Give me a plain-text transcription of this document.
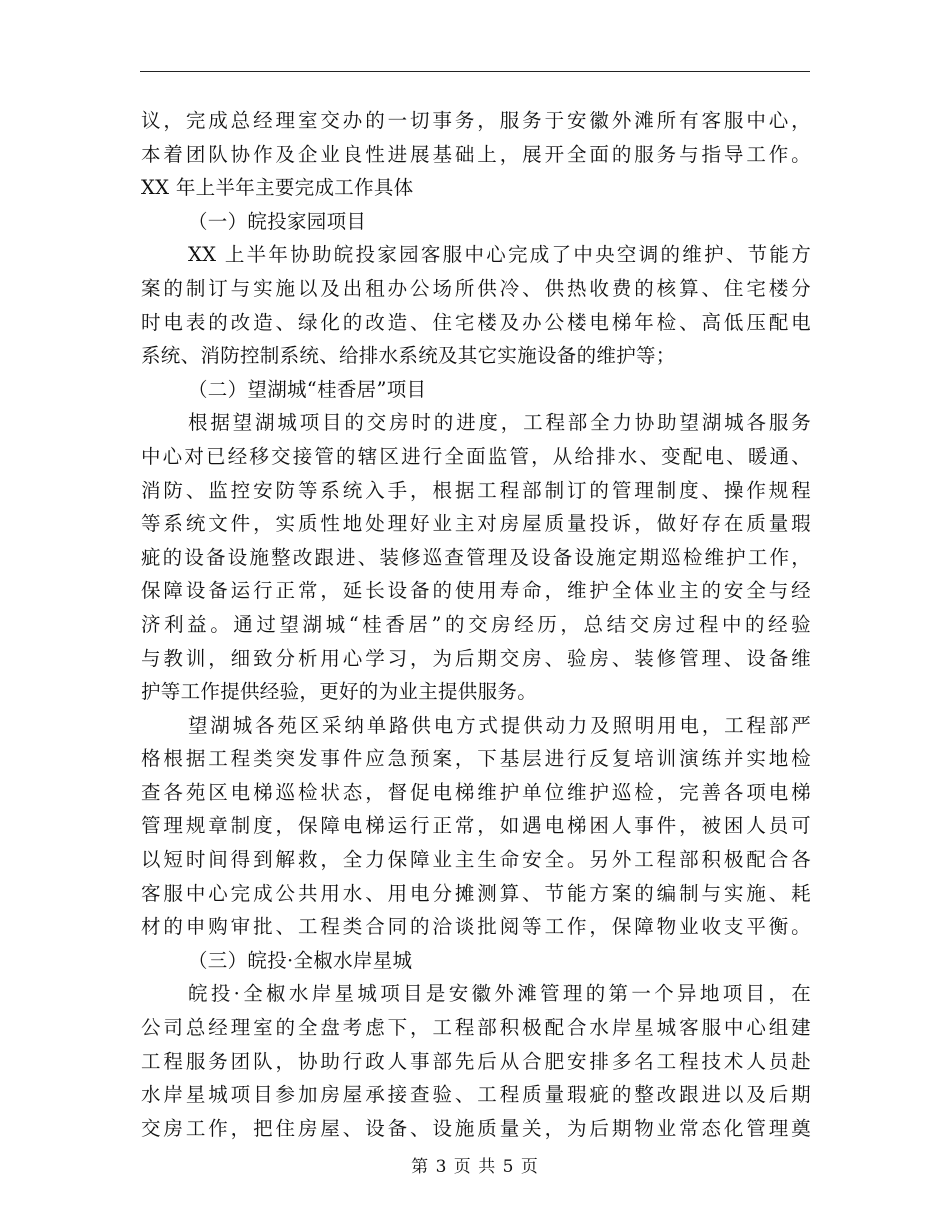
议，完成总经理室交办的一切事务，服务于安徽外滩所有客服中心，
本着团队协作及企业良性进展基础上，展开全面的服务与指导工作。
XX 年上半年主要完成工作具体
（一）皖投家园项目
XX 上半年协助皖投家园客服中心完成了中央空调的维护、节能方
案的制订与实施以及出租办公场所供冷、供热收费的核算、住宅楼分
时电表的改造、绿化的改造、住宅楼及办公楼电梯年检、高低压配电
系统、消防控制系统、给排水系统及其它实施设备的维护等；
（二）望湖城“桂香居”项目
根据望湖城项目的交房时的进度，工程部全力协助望湖城各服务
中心对已经移交接管的辖区进行全面监管，从给排水、变配电、暖通、
消防、监控安防等系统入手，根据工程部制订的管理制度、操作规程
等系统文件，实质性地处理好业主对房屋质量投诉，做好存在质量瑕
疵的设备设施整改跟进、装修巡查管理及设备设施定期巡检维护工作，
保障设备运行正常，延长设备的使用寿命，维护全体业主的安全与经
济利益。通过望湖城“桂香居”的交房经历，总结交房过程中的经验
与教训，细致分析用心学习，为后期交房、验房、装修管理、设备维
护等工作提供经验，更好的为业主提供服务。
望湖城各苑区采纳单路供电方式提供动力及照明用电，工程部严
格根据工程类突发事件应急预案，下基层进行反复培训演练并实地检
查各苑区电梯巡检状态，督促电梯维护单位维护巡检，完善各项电梯
管理规章制度，保障电梯运行正常，如遇电梯困人事件，被困人员可
以短时间得到解救，全力保障业主生命安全。另外工程部积极配合各
客服中心完成公共用水、用电分摊测算、节能方案的编制与实施、耗
材的申购审批、工程类合同的洽谈批阅等工作，保障物业收支平衡。
（三）皖投·全椒水岸星城
皖投·全椒水岸星城项目是安徽外滩管理的第一个异地项目，在
公司总经理室的全盘考虑下，工程部积极配合水岸星城客服中心组建
工程服务团队，协助行政人事部先后从合肥安排多名工程技术人员赴
水岸星城项目参加房屋承接查验、工程质量瑕疵的整改跟进以及后期
交房工作，把住房屋、设备、设施质量关，为后期物业常态化管理奠
第 3 页 共 5 页
